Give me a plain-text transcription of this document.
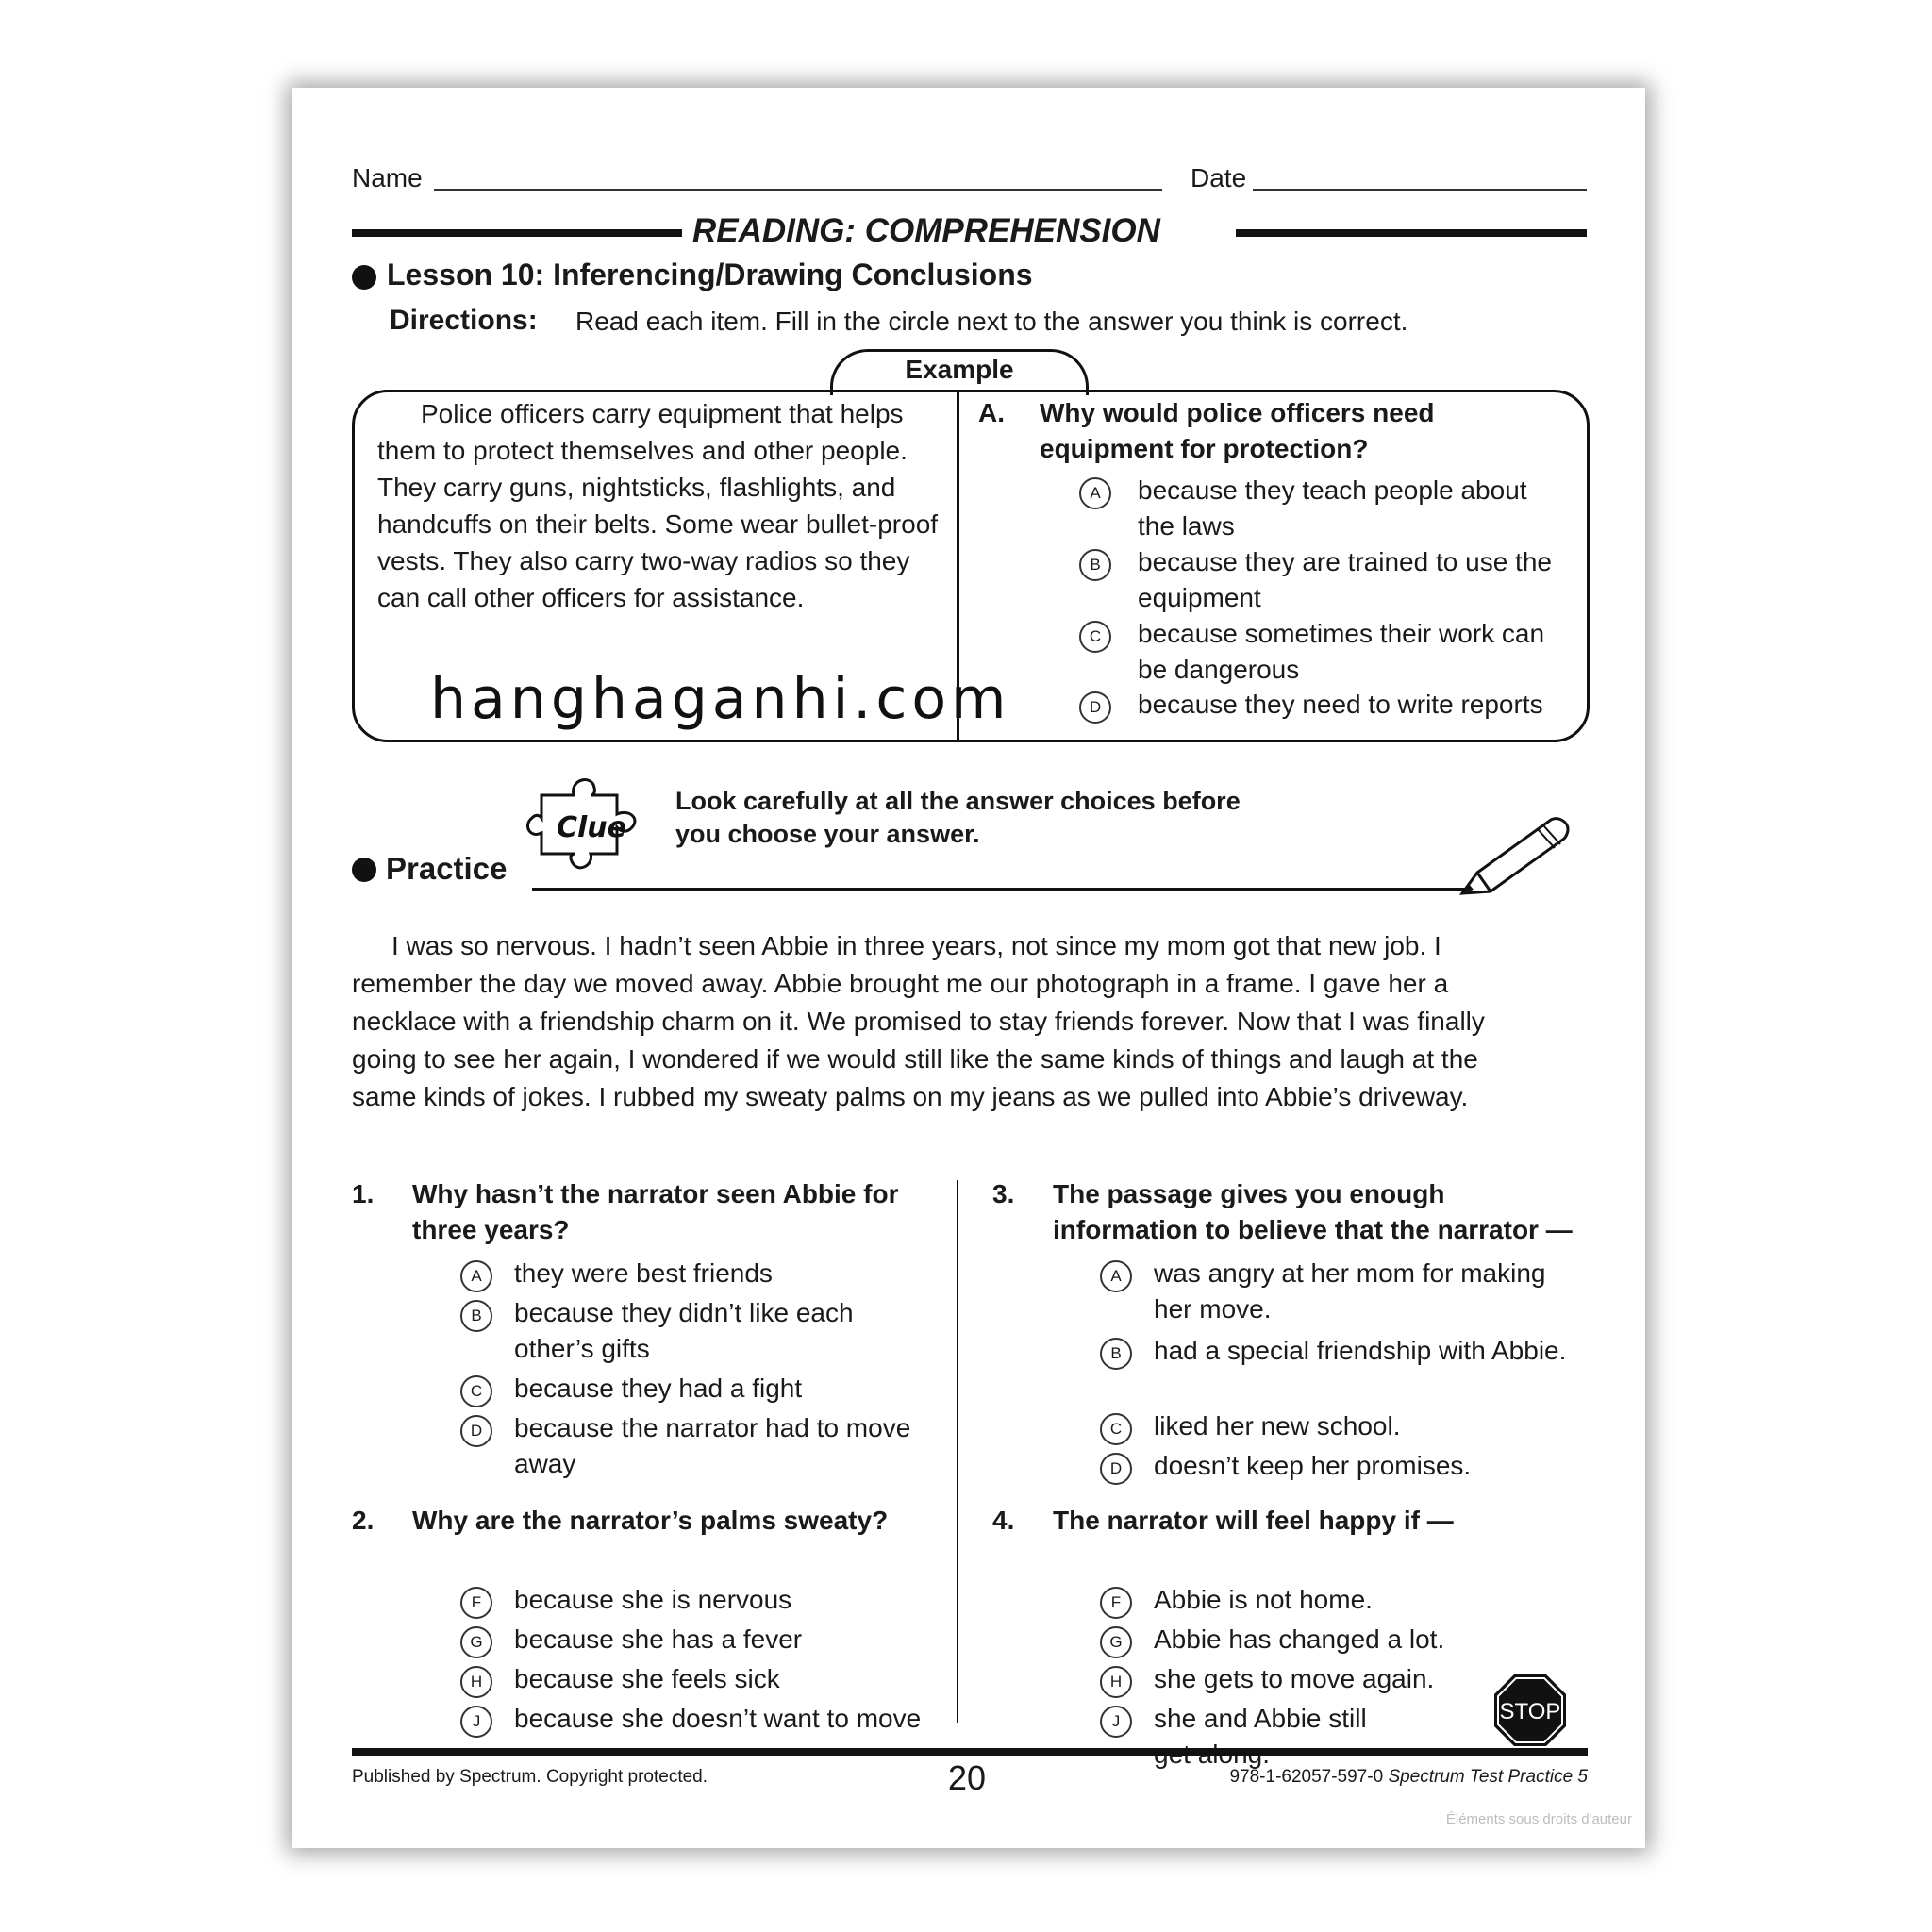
Name	Date
READING: COMPREHENSION
Lesson 10: Inferencing/Drawing Conclusions
Directions: Read each item. Fill in the circle next to the answer you think is correct.
Example
Police officers carry equipment that helps them to protect themselves and other people. They carry guns, nightsticks, flashlights, and handcuffs on their belts. Some wear bullet-proof vests. They also carry two-way radios so they can call other officers for assistance.
A. Why would police officers need equipment for protection?
A	because they teach people about the laws
B	because they are trained to use the equipment
C	because sometimes their work can be dangerous
D	because they need to write reports
hanghaganhi.com
Clue
Look carefully at all the answer choices before
you choose your answer.
Practice
I was so nervous. I hadn’t seen Abbie in three years, not since my mom got that new job. I remember the day we moved away. Abbie brought me our photograph in a frame. I gave her a necklace with a friendship charm on it. We promised to stay friends forever. Now that I was finally going to see her again, I wondered if we would still like the same kinds of things and laugh at the same kinds of jokes. I rubbed my sweaty palms on my jeans as we pulled into Abbie’s driveway.
1. Why hasn’t the narrator seen Abbie for three years?
A	they were best friends
B	because they didn’t like each other’s gifts
C	because they had a fight
D	because the narrator had to move away
2. Why are the narrator’s palms sweaty?
F	because she is nervous
G	because she has a fever
H	because she feels sick
J	because she doesn’t want to move
3. The passage gives you enough information to believe that the narrator —
A	was angry at her mom for making her move.
B	had a special friendship with Abbie.
C	liked her new school.
D	doesn’t keep her promises.
4. The narrator will feel happy if —
F	Abbie is not home.
G	Abbie has changed a lot.
H	she gets to move again.
J	she and Abbie still	STOP
Published by Spectrum. Copyright protected.	20	978-1-62057-597-0 Spectrum Test Practice 5
Éléments sous droits d'auteur
